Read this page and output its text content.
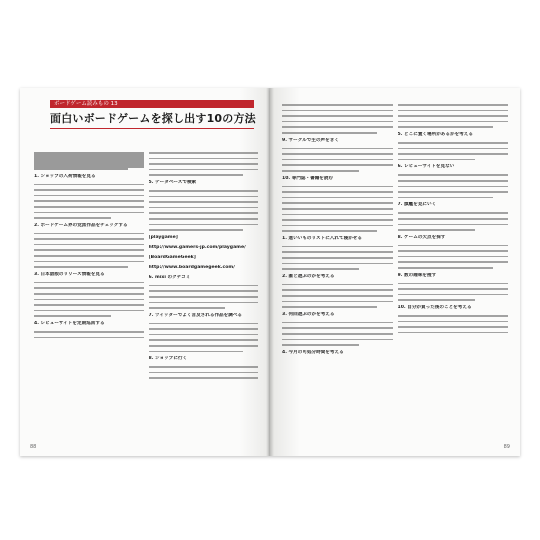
ボードゲーム読みもの 13
面白いボードゲームを探し出す10の方法
1. ショップの入荷情報を見る
2. ボードゲーム界の党派作品をチェックする
3. 日本語版のリリース情報を見る
4. レビューサイトを定期巡回する
5. データベースで検索
[playgame]
http://www.gamers-jp.com/playgame/
[BoardGameGeek]
http://www.boardgamegeek.com/
6. mixi のクチコミ
7. ツイッターでよく言及される作品を調べる
8. ショップに行く
88
9. サークルで生の声をきく
10. 専門誌・書籍を読む
1. 進いいものリストに入れて寝かせる
2. 誰と遊ぶのかを考える
3. 何回遊ぶのかを考える
4. 今月の可処分時間を考える
5. どこに置く場所があるかを考える
6. レビューサイトを見ない
7. 旗艦を見にいく
8. ゲームの欠点を探す
9. 数の趣味を捜す
10. 自分が買った後のことを考える
89
